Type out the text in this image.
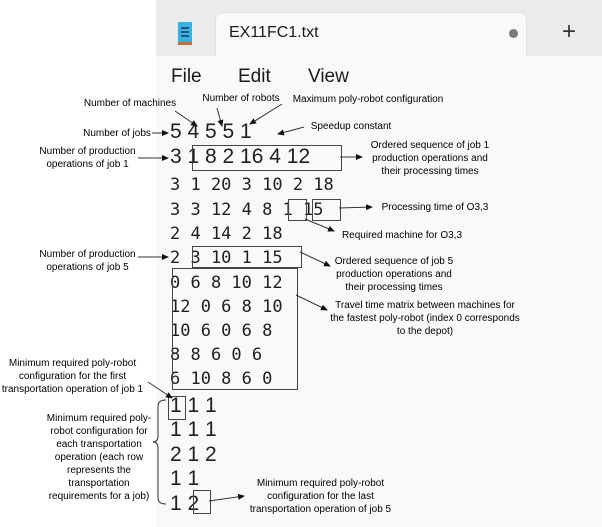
EX11FC1.txt	+
File Edit View
5 4 5 5 1
3 1 8 2 16 4 12
3 1 20 3 10 2 18
3 3 12 4 8 1 15
2 4 14 2 18
2 3 10 1 15
0 6 8 10 12
12 0 6 8 10
10 6 0 6 8
8 8 6 0 6
6 10 8 6 0
1 1 1
1 1 1
2 1 2
1 1
1 2
Number of machines	Number of robots	Maximum poly-robot configuration
Speedup constant
Number of jobs
Number of production operations of job 1
Ordered sequence of job 1 production operations and their processing times
Processing time of O3,3
Required machine for O3,3
Number of production operations of job 5
Ordered sequence of job 5 production operations and their processing times
Travel time matrix between machines for the fastest poly-robot (index 0 corresponds to the depot)
Minimum required poly-robot configuration for the first transportation operation of job 1
Minimum required poly-robot configuration for each transportation operation (each row represents the transportation requirements for a job)
Minimum required poly-robot configuration for the last transportation operation of job 5
